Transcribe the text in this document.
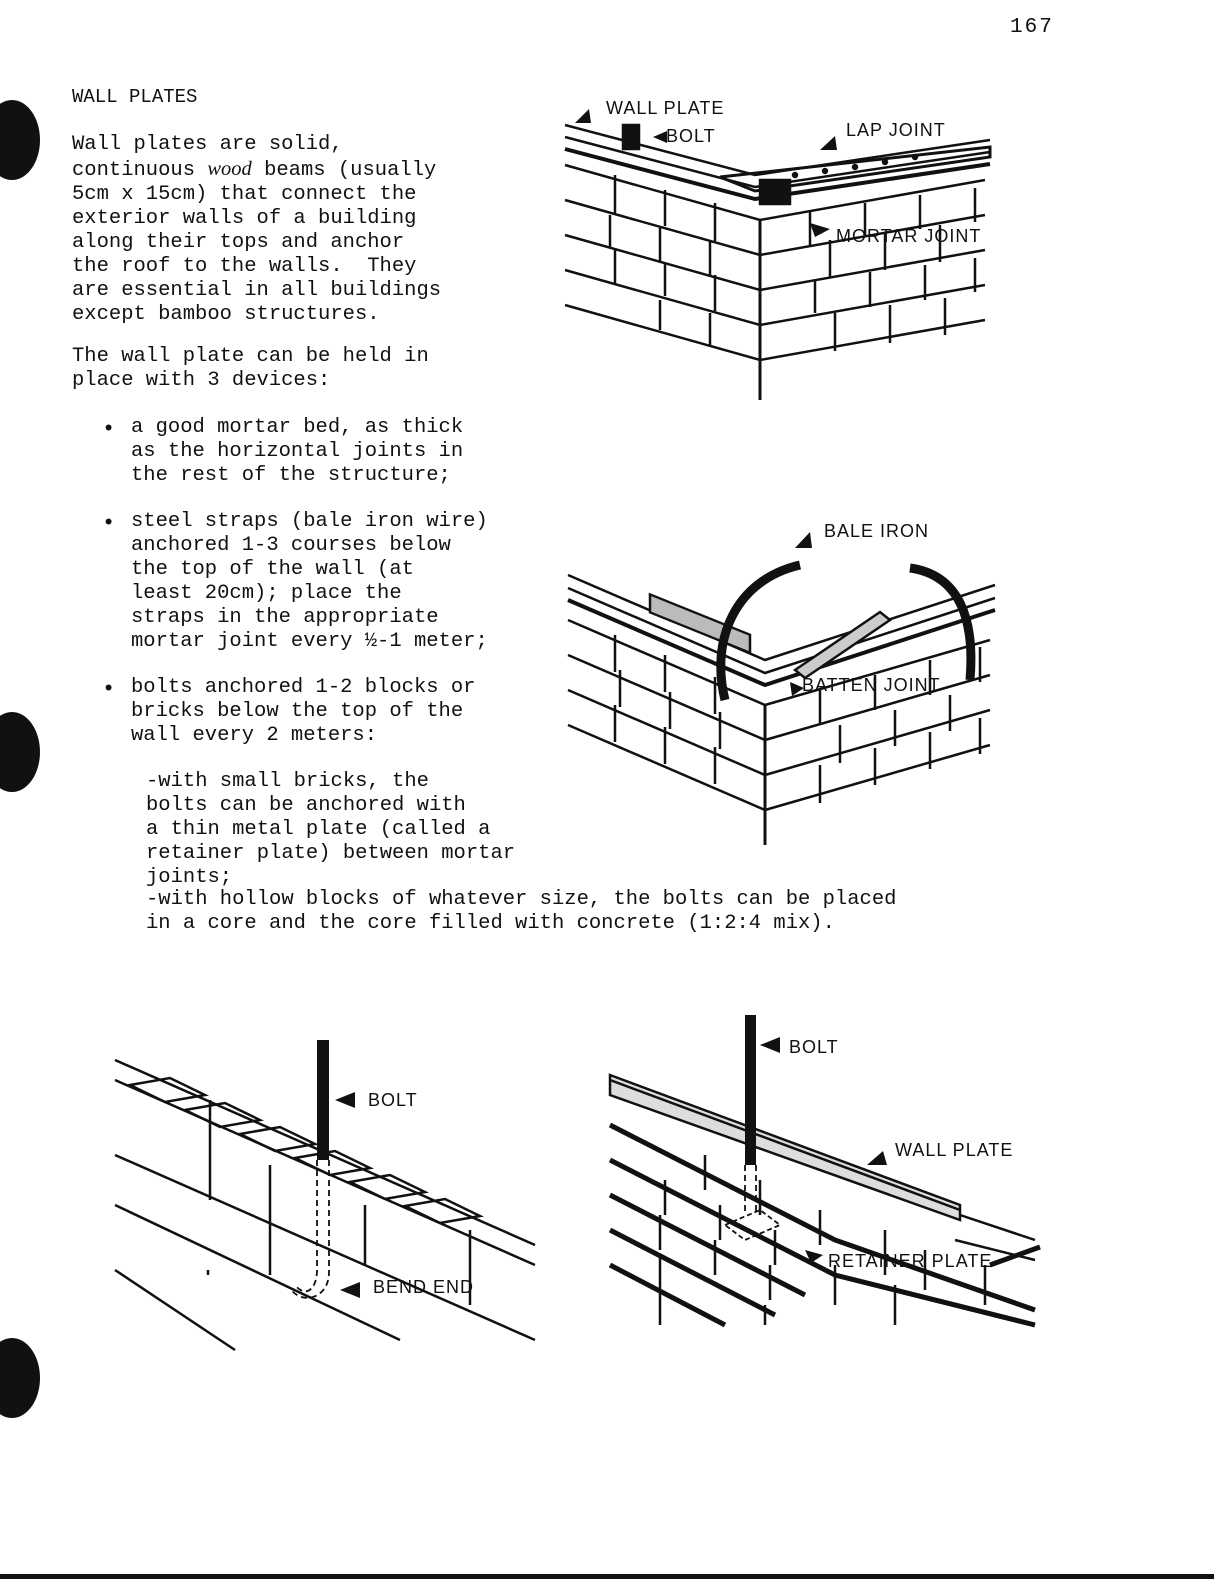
167
WALL PLATES
Wall plates are solid,
continuous wood beams (usually
5cm x 15cm) that connect the
exterior walls of a building
along their tops and anchor
the roof to the walls.  They
are essential in all buildings
except bamboo structures.
The wall plate can be held in
place with 3 devices:
• a good mortar bed, as thick
as the horizontal joints in
the rest of the structure;
• steel straps (bale iron wire)
anchored 1-3 courses below
the top of the wall (at
least 20cm); place the
straps in the appropriate
mortar joint every ½-1 meter;
• bolts anchored 1-2 blocks or
bricks below the top of the
wall every 2 meters:
-with small bricks, the
bolts can be anchored with
a thin metal plate (called a
retainer plate) between mortar
joints;
-with hollow blocks of whatever size, the bolts can be placed
in a core and the core filled with concrete (1:2:4 mix).
WALL PLATE
BOLT	LAP JOINT
MORTAR JOINT
BALE IRON
BATTEN JOINT
BOLT
BEND END
BOLT
WALL PLATE
RETAINER PLATE
